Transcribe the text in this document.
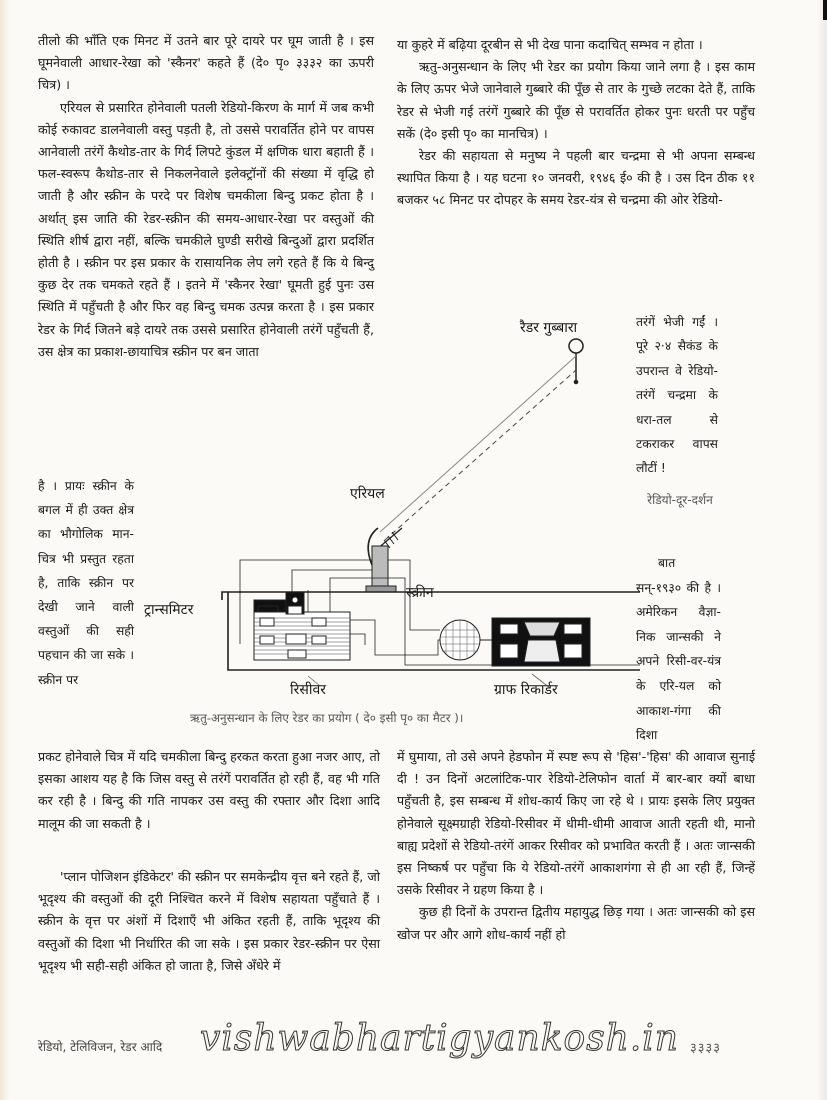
तीलो की भाँति एक मिनट में उतने बार पूरे दायरे पर घूम जाती है । इस घूमनेवाली आधार-रेखा को 'स्कैनर' कहते हैं (दे० पृ० ३३३२ का ऊपरी चित्र) ।

एरियल से प्रसारित होनेवाली पतली रेडियो-किरण के मार्ग में जब कभी कोई रुकावट डालनेवाली वस्तु पड़ती है, तो उससे परावर्तित होने पर वापस आनेवाली तरंगें कैथोड-तार के गिर्द लिपटे कुंडल में क्षणिक धारा बहाती हैं । फल-स्वरूप कैथोड-तार से निकलनेवाले इलेक्ट्रॉनों की संख्या में वृद्धि हो जाती है और स्क्रीन के परदे पर विशेष चमकीला बिन्दु प्रकट होता है । अर्थात् इस जाति की रेडर-स्क्रीन की समय-आधार-रेखा पर वस्तुओं की स्थिति शीर्ष द्वारा नहीं, बल्कि चमकीले घुण्डी सरीखे बिन्दुओं द्वारा प्रदर्शित होती है । स्क्रीन पर इस प्रकार के रासायनिक लेप लगे रहते हैं कि ये बिन्दु कुछ देर तक चमकते रहते हैं । इतने में 'स्कैनर रेखा' घूमती हुई पुनः उस स्थिति में पहुँचती है और फिर वह बिन्दु चमक उत्पन्न करता है । इस प्रकार रेडर के गिर्द जितने बड़े दायरे तक उससे प्रसारित होनेवाली तरंगें पहुँचती हैं, उस क्षेत्र का प्रकाश-छायाचित्र स्क्रीन पर बन जाता

है । प्रायः स्क्रीन के बगल में ही उक्त क्षेत्र का भौगोलिक मान-चित्र भी प्रस्तुत रहता है, ताकि स्क्रीन पर देखी जाने वाली वस्तुओं की सही पहचान की जा सके । स्क्रीन पर

या कुहरे में बढ़िया दूरबीन से भी देख पाना कदाचित् सम्भव न होता ।

ऋतु-अनुसन्धान के लिए भी रेडर का प्रयोग किया जाने लगा है । इस काम के लिए ऊपर भेजे जानेवाले गुब्बारे की पूँछ से तार के गुच्छे लटका देते हैं, ताकि रेडर से भेजी गई तरंगें गुब्बारे की पूँछ से परावर्तित होकर पुनः धरती पर पहुँच सकें (दे० इसी पृ० का मानचित्र) ।

रेडर की सहायता से मनुष्य ने पहली बार चन्द्रमा से भी अपना सम्बन्ध स्थापित किया है । यह घटना १० जनवरी, १९४६ ई० की है । उस दिन ठीक ११ बजकर ५८ मिनट पर दोपहर के समय रेडर-यंत्र से चन्द्रमा की ओर रेडियो-

तरंगें भेजी गईं । पूरे २·४ सैकंड के उपरान्त वे रेडियो-तरंगें चन्द्रमा के धरा-तल से टकराकर वापस लौटीं !
रेडियो-दूर-दर्शन
बात सन्-१९३० की है । अमेरिकन वैज्ञा-निक जान्सकी ने अपने रिसी-वर-यंत्र के एरि-यल को आकाश-गंगा की दिशा
रैडर गुब्बारा
एरियल
ट्रान्समिटर
स्क्रीन
रिसीवर	ग्राफ रिकार्डर
ऋतु-अनुसन्धान के लिए रेडर का प्रयोग ( दे० इसी पृ० का मैटर )।

प्रकट होनेवाले चित्र में यदि चमकीला बिन्दु हरकत करता हुआ नजर आए, तो इसका आशय यह है कि जिस वस्तु से तरंगें परावर्तित हो रही हैं, वह भी गति कर रही है । बिन्दु की गति नापकर उस वस्तु की रफ्तार और दिशा आदि मालूम की जा सकती है ।

'प्लान पोजिशन इंडिकेटर' की स्क्रीन पर समकेन्द्रीय वृत्त बने रहते हैं, जो भूदृश्य की वस्तुओं की दूरी निश्चित करने में विशेष सहायता पहुँचाते हैं । स्क्रीन के वृत्त पर अंशों में दिशाएँ भी अंकित रहती हैं, ताकि भूदृश्य की वस्तुओं की दिशा भी निर्धारित की जा सके । इस प्रकार रेडर-स्क्रीन पर ऐसा भूदृश्य भी सही-सही अंकित हो जाता है, जिसे अँधेरे में

में घुमाया, तो उसे अपने हेडफोन में स्पष्ट रूप से 'हिस'-'हिस' की आवाज सुनाई दी ! उन दिनों अटलांटिक-पार रेडियो-टेलिफोन वार्ता में बार-बार क्यों बाधा पहुँचती है, इस सम्बन्ध में शोध-कार्य किए जा रहे थे । प्रायः इसके लिए प्रयुक्त होनेवाले सूक्ष्मग्राही रेडियो-रिसीवर में धीमी-धीमी आवाज आती रहती थी, मानो बाह्य प्रदेशों से रेडियो-तरंगें आकर रिसीवर को प्रभावित करती हैं । अतः जान्सकी इस निष्कर्ष पर पहुँचा कि ये रेडियो-तरंगें आकाशगंगा से ही आ रही हैं, जिन्हें उसके रिसीवर ने ग्रहण किया है ।

कुछ ही दिनों के उपरान्त द्वितीय महायुद्ध छिड़ गया । अतः जान्सकी को इस खोज पर और आगे शोध-कार्य नहीं हो

रेडियो, टेलिविजन, रेडर आदि vishwabhartigyankosh.in ३३३३
